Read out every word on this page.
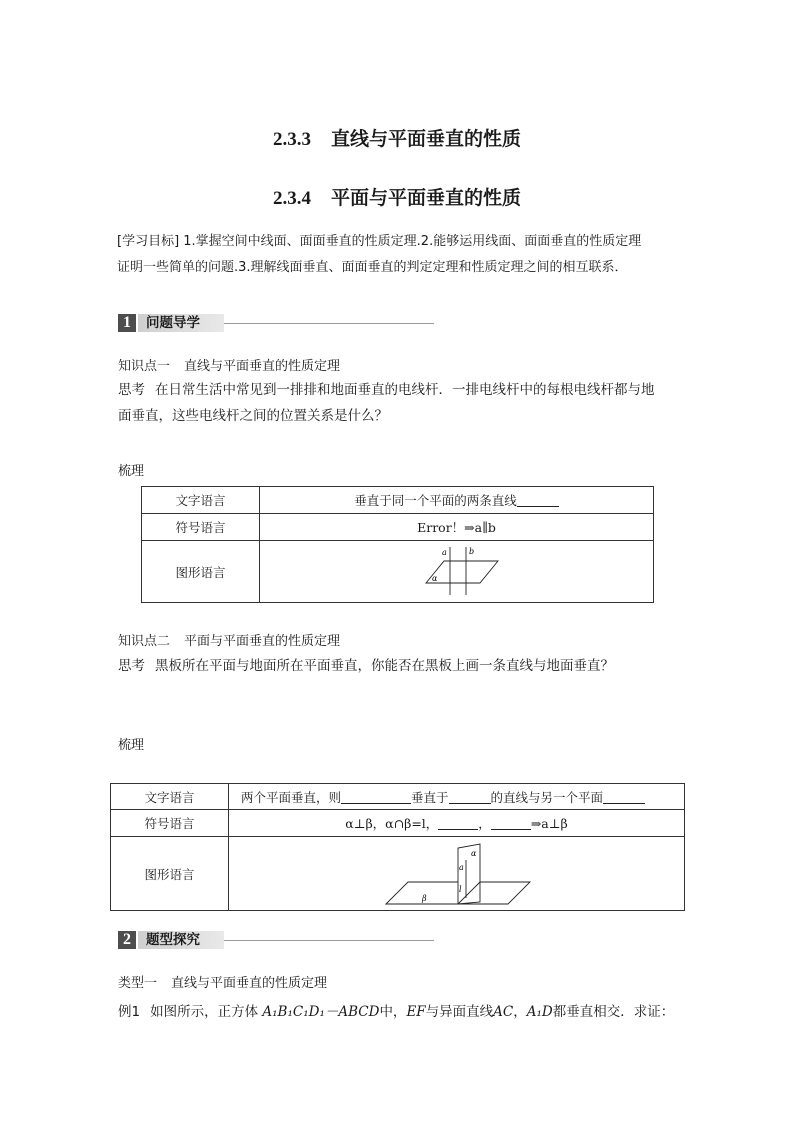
2.3.3 直线与平面垂直的性质
2.3.4 平面与平面垂直的性质
[学习目标] 1.掌握空间中线面、面面垂直的性质定理.2.能够运用线面、面面垂直的性质定理
证明一些简单的问题.3.理解线面垂直、面面垂直的判定定理和性质定理之间的相互联系．
1	问题导学
知识点一 直线与平面垂直的性质定理
思考 在日常生活中常见到一排排和地面垂直的电线杆．一排电线杆中的每根电线杆都与地
面垂直，这些电线杆之间的位置关系是什么？
梳理
文字语言	垂直于同一个平面的两条直线
符号语言	Error！⇒a∥b
图形语言	a b
α
知识点二 平面与平面垂直的性质定理
思考 黑板所在平面与地面所在平面垂直，你能否在黑板上画一条直线与地面垂直？
梳理
文字语言	两个平面垂直，则 垂直于 的直线与另一个平面
符号语言	α⊥β，α∩β=l， ， ⇒a⊥β
图形语言	α
a
l
β
2	题型探究
类型一 直线与平面垂直的性质定理
例1 如图所示，正方体 A₁B₁C₁D₁－ABCD中，EF与异面直线AC，A₁D都垂直相交．求证：
